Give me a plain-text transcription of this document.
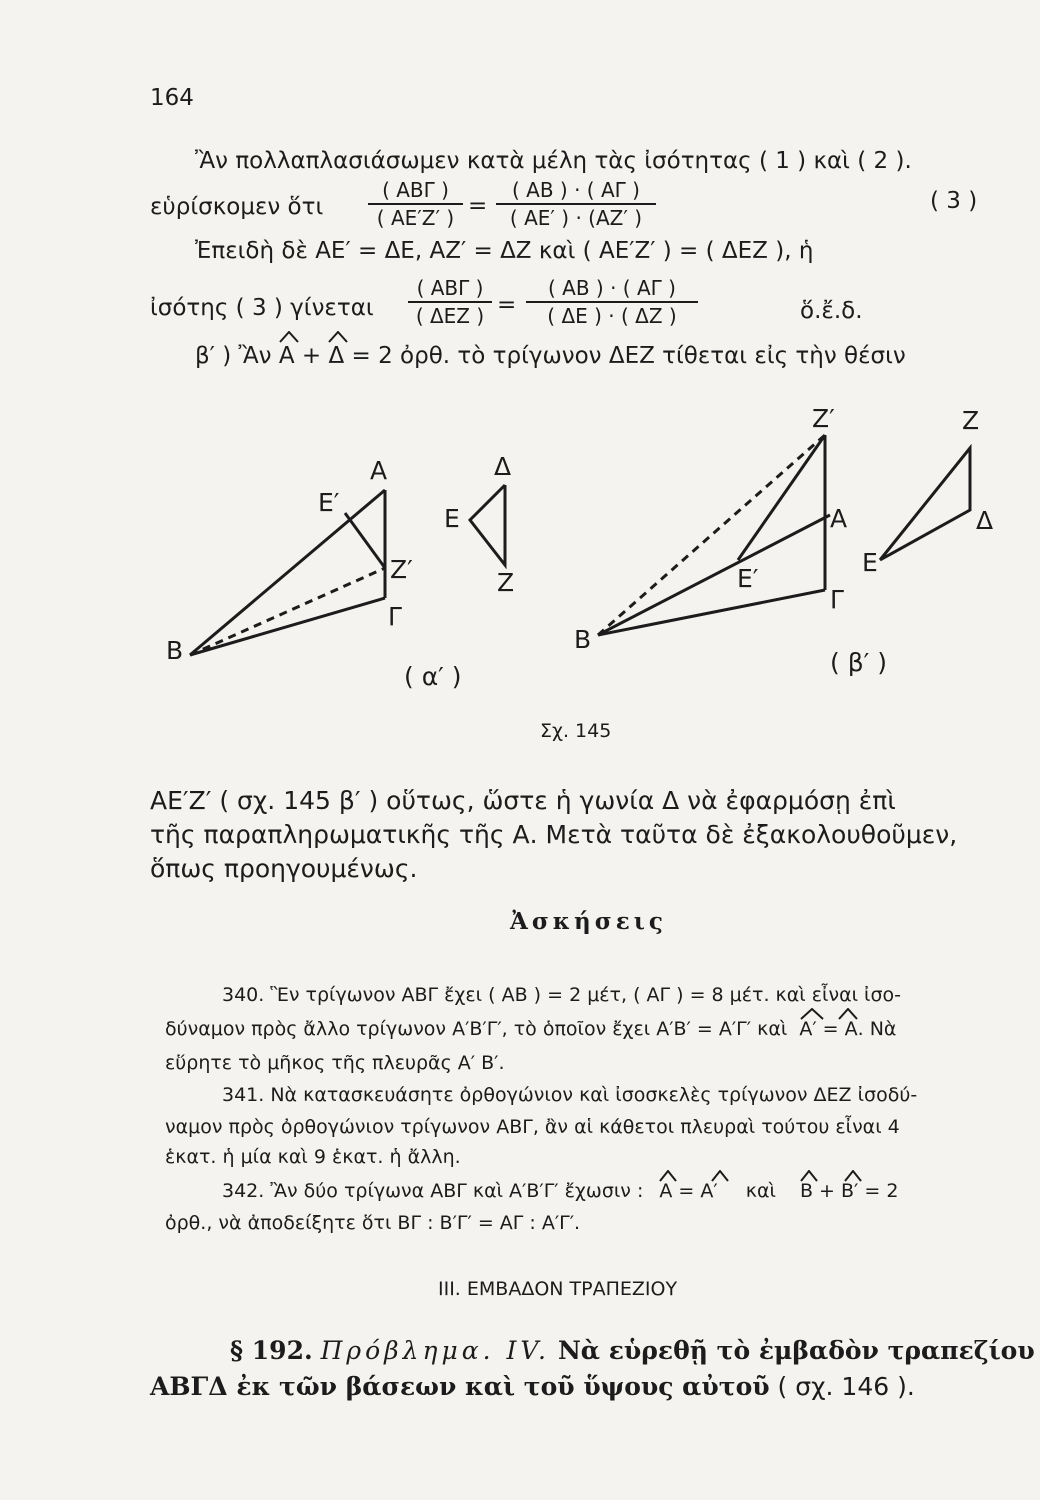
164
Ἂν πολλαπλασιάσωμεν κατὰ μέλη τὰς ἰσότητας ( 1 ) καὶ ( 2 ).
εὑρίσκομεν ὅτι
( ΑΒΓ )
( ΑΕ′Ζ′ ) =
( ΑΒ ) · ( ΑΓ )
( ΑΕ′ ) · (ΑΖ′ )
( 3 )
Ἐπειδὴ δὲ ΑΕ′ = ΔΕ, ΑΖ′ = ΔΖ καὶ ( ΑΕ′Ζ′ ) = ( ΔΕΖ ), ἡ
ἰσότης ( 3 ) γίνεται
( ΑΒΓ )
( ΔΕΖ ) =
( ΑΒ ) · ( ΑΓ )
( ΔΕ ) · ( ΔΖ )	ὅ.ἔ.δ.
β′ ) Ἂν Α +
Δ = 2 ὀρθ. τὸ τρίγωνον ΔΕΖ τίθεται εἰς τὴν θέσιν
Α
Ε′
Ζ′
Γ
Β
Δ
Ε
Ζ
Ζ′	Ζ
Α	Δ
Ε
Ε′
Γ
Β
( α′ )	( β′ )
Σχ. 145
ΑΕ′Ζ′ ( σχ. 145 β′ ) οὕτως, ὥστε ἡ γωνία Δ νὰ ἐφαρμόσῃ ἐπὶ
τῆς παραπληρωματικῆς τῆς Α. Μετὰ ταῦτα δὲ ἐξακολουθοῦμεν,
ὅπως προηγουμένως.
Ἀσκήσεις
340. Ἓν τρίγωνον ΑΒΓ ἔχει ( ΑΒ ) = 2 μέτ, ( ΑΓ ) = 8 μέτ. καὶ εἶναι ἰσο-
δύναμον πρὸς ἄλλο τρίγωνον Α′Β′Γ′, τὸ ὁποῖον ἔχει Α′Β′ = Α′Γ′ καὶ Α′ = Α. Νὰ
εὕρητε τὸ μῆκος τῆς πλευρᾶς Α′ Β′.
341. Νὰ κατασκευάσητε ὀρθογώνιον καὶ ἰσοσκελὲς τρίγωνον ΔΕΖ ἰσοδύ-
ναμον πρὸς ὀρθογώνιον τρίγωνον ΑΒΓ, ἂν αἱ κάθετοι πλευραὶ τούτου εἶναι 4
ἑκατ. ἡ μία καὶ 9 ἑκατ. ἡ ἄλλη.
342. Ἂν δύο τρίγωνα ΑΒΓ καὶ Α′Β′Γ′ ἔχωσιν : Α = Α′ καὶ Β + Β′ = 2
ὀρθ., νὰ ἀποδείξητε ὅτι ΒΓ : Β′Γ′ = ΑΓ : Α′Γ′.
ΙΙΙ. ΕΜΒΑΔΟΝ ΤΡΑΠΕΖΙΟΥ
§ 192. Πρόβλημα. IV. Νὰ εὑρεθῇ τὸ ἐμβαδὸν τραπεζίου
ΑΒΓΔ ἐκ τῶν βάσεων καὶ τοῦ ὕψους αὐτοῦ ( σχ. 146 ).
